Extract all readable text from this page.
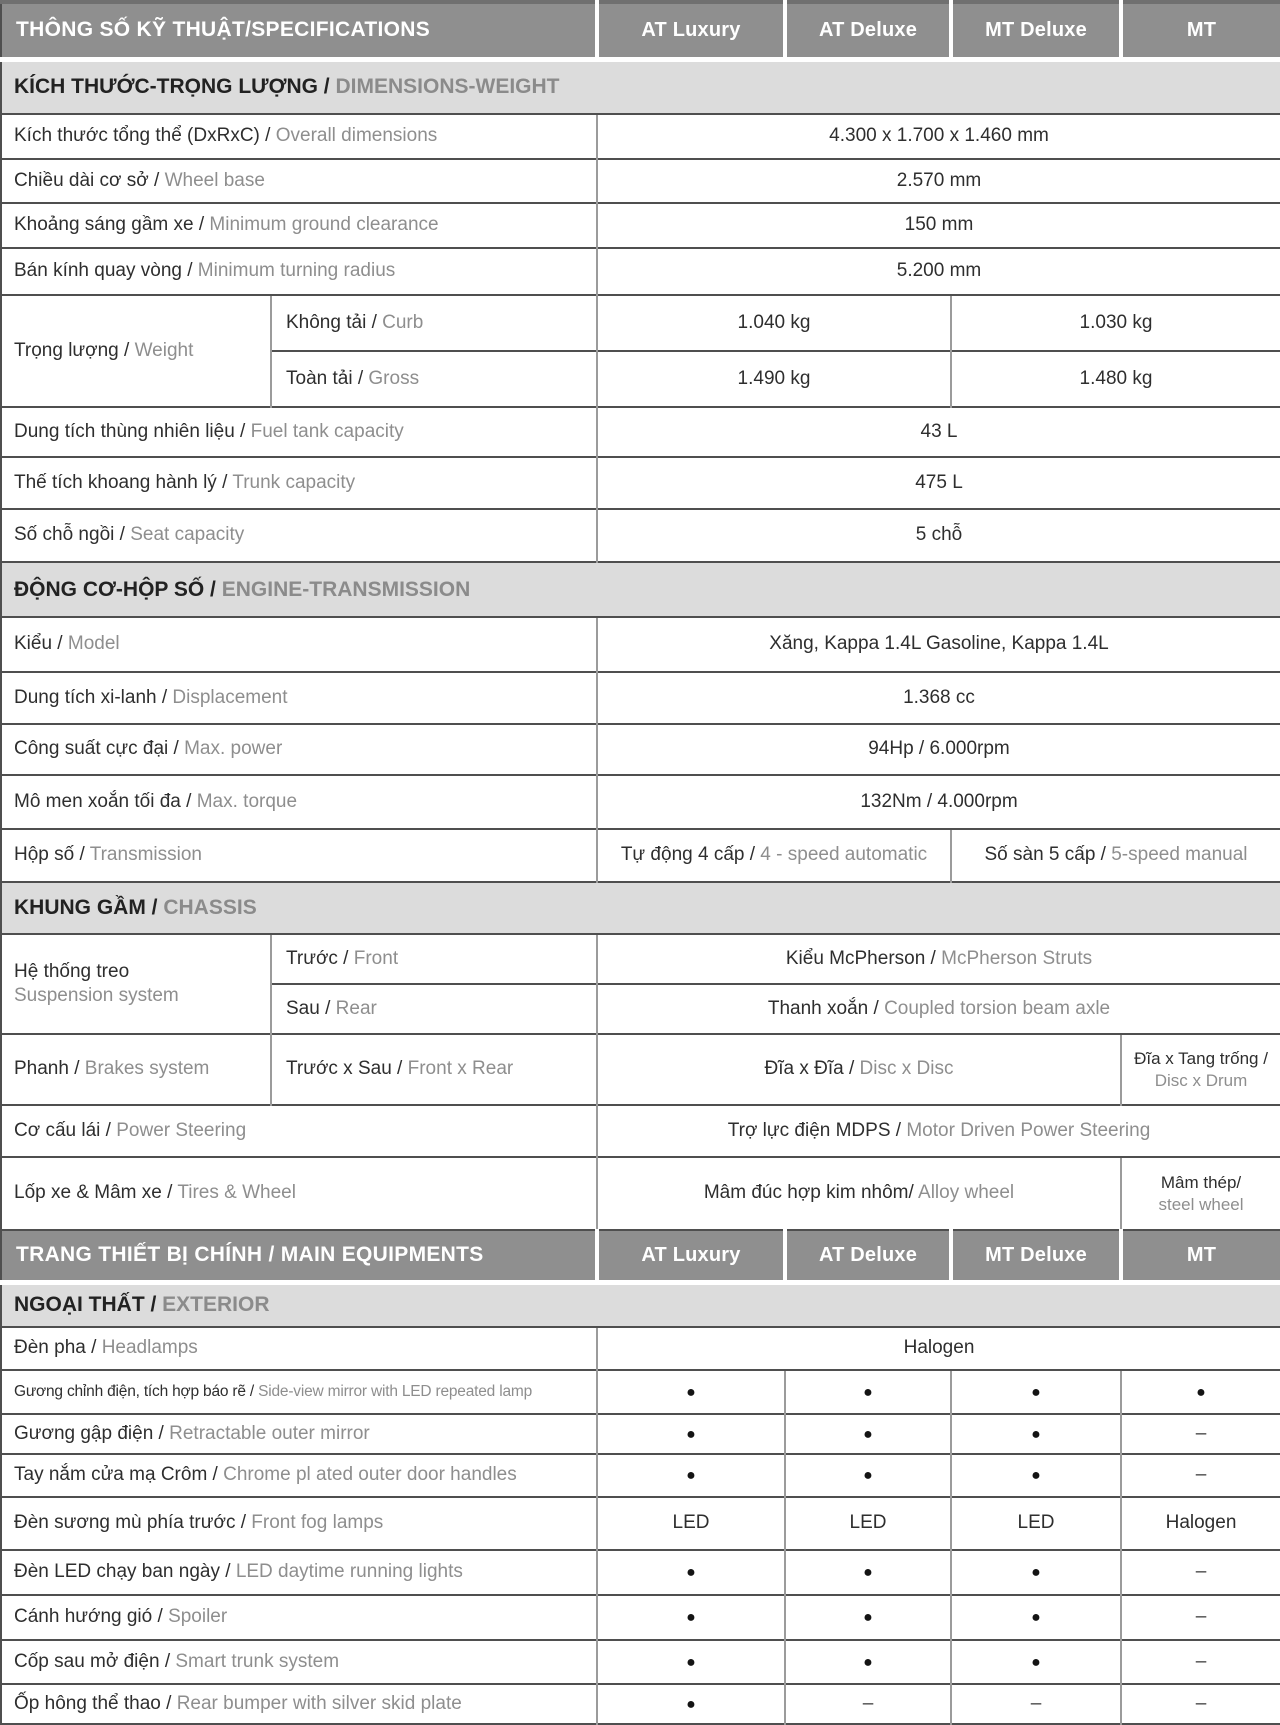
THÔNG SỐ KỸ THUẬT/SPECIFICATIONS		AT Luxury	AT Deluxe	MT Deluxe	MT
KÍCH THƯỚC-TRỌNG LƯỢNG / DIMENSIONS-WEIGHT					
Kích thước tổng thể (DxRxC) / Overall dimensions		4.300 x 1.700 x 1.460 mm			
Chiều dài cơ sở / Wheel base		2.570 mm			
Khoảng sáng gầm xe / Minimum ground clearance		150 mm			
Bán kính quay vòng / Minimum turning radius		5.200 mm			
Trọng lượng / Weight	Không tải / Curb	1.040 kg		1.030 kg	
	Toàn tải / Gross	1.490 kg		1.480 kg	
Dung tích thùng nhiên liệu / Fuel tank capacity		43 L			
Thế tích khoang hành lý / Trunk capacity		475 L			
Số chỗ ngồi / Seat capacity		5 chỗ			
ĐỘNG CƠ-HỘP SỐ / ENGINE-TRANSMISSION					
Kiểu / Model		Xăng, Kappa 1.4L Gasoline, Kappa 1.4L			
Dung tích xi-lanh / Displacement		1.368 cc			
Công suất cực đại / Max. power		94Hp / 6.000rpm			
Mô men xoắn tối đa / Max. torque		132Nm / 4.000rpm			
Hộp số / Transmission		Tự động 4 cấp / 4 - speed automatic		Số sàn 5 cấp / 5-speed manual	
KHUNG GẦM / CHASSIS					
Hệ thống treo
Suspension system	Trước / Front	Kiểu McPherson / McPherson Struts			
	Sau / Rear	Thanh xoắn / Coupled torsion beam axle			
Phanh / Brakes system	Trước x Sau / Front x Rear	Đĩa x Đĩa / Disc x Disc			Đĩa x Tang trống /
Disc x Drum
Cơ cấu lái / Power Steering		Trợ lực điện MDPS / Motor Driven Power Steering			
Lốp xe & Mâm xe / Tires & Wheel		Mâm đúc hợp kim nhôm/ Alloy wheel			Mâm thép/
steel wheel
TRANG THIẾT BỊ CHÍNH / MAIN EQUIPMENTS		AT Luxury	AT Deluxe	MT Deluxe	MT
NGOẠI THẤT / EXTERIOR					
Đèn pha / Headlamps		Halogen			
Gương chỉnh điện, tích hợp báo rẽ / Side-view mirror with LED repeated lamp		●	●	●	●
Gương gập điện / Retractable outer mirror		●	●	●	–
Tay nắm cửa mạ Crôm / Chrome pl ated outer door handles		●	●	●	–
Đèn sương mù phía trước / Front fog lamps		LED	LED	LED	Halogen
Đèn LED chạy ban ngày / LED daytime running lights		●	●	●	–
Cánh hướng gió / Spoiler		●	●	●	–
Cốp sau mở điện / Smart trunk system		●	●	●	–
Ốp hông thể thao / Rear bumper with silver skid plate		●	–	–	–
